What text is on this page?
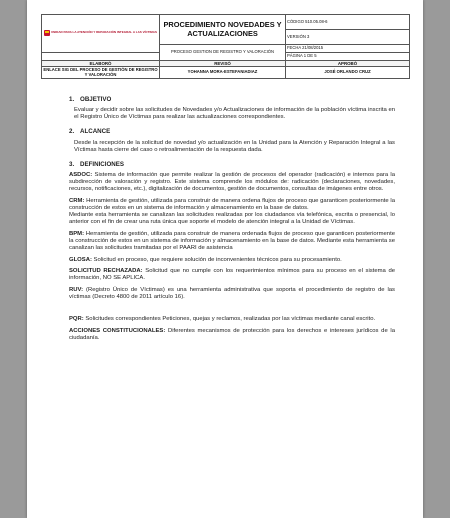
UNIDAD PARA LA ATENCIÓN Y REPARACIÓN INTEGRAL A LAS VÍCTIMAS	PROCEDIMIENTO NOVEDADES Y ACTUALIZACIONES	CÓDIGO 510.05.08-6
		VERSIÓN 3
	PROCESO GESTION DE REGISTRO Y VALORACIÓN	FECHA 21/08/2015
		PÁGINA 1 DE 5
ELABORÓ	REVISÓ	APROBÓ
ENLACE SIG DEL PROCESO DE GESTIÓN DE REGISTRO Y VALORACIÓN	YOHANNA MORA-ESTEFANIADIAZ	JOSÉ ORLANDO CRUZ
1. OBJETIVO

Evaluar y decidir sobre las solicitudes de Novedades y/o Actualizaciones de información de la población víctima inscrita en el Registro Único de Víctimas para realizar las actualizaciones correspondientes.

2. ALCANCE

Desde la recepción de la solicitud de novedad y/o actualización en la Unidad para la Atención y Reparación Integral a las Víctimas hasta cierre del caso o retroalimentación de la respuesta dada.

3. DEFINICIONES

ASDOC: Sistema de información que permite realizar la gestión de procesos del operador (radicación) e internos para la subdirección de valoración y registro. Este sistema comprende los módulos de: radicación (declaraciones, novedades, recursos, notificaciones, etc.), digitalización de documentos, gestión de documentos, consultas de imágenes entre otros.

CRM: Herramienta de gestión, utilizada para construir de manera ordena flujos de proceso que garanticen posteriormente la construcción de estos en un sistema de información y almacenamiento en la base de datos.

Mediante esta herramienta se canalizan las solicitudes realizadas por los ciudadanos vía telefónica, escrita o presencial, lo anterior con el fin de crear una ruta única que soporte el modelo de atención integral a la Unidad de Víctimas.

BPM: Herramienta de gestión, utilizada para construir de manera ordenada flujos de proceso que garanticen posteriormente la construcción de estos en un sistema de información y almacenamiento en la base de datos. Mediante esta herramienta se canalizan las solicitudes tramitadas por el PAARI de asistencia

GLOSA: Solicitud en proceso, que requiere solución de inconvenientes técnicos para su procesamiento.

SOLICITUD RECHAZADA: Solicitud que no cumple con los requerimientos mínimos para su proceso en el sistema de información, NO SE APLICA.

RUV: (Registro Único de Víctimas) es una herramienta administrativa que soporta el procedimiento de registro de las víctimas (Decreto 4800 de 2011 artículo 16).

PQR: Solicitudes correspondientes Peticiones, quejas y reclamos, realizadas por las víctimas mediante canal escrito.

ACCIONES CONSTITUCIONALES: Diferentes mecanismos de protección para los derechos e intereses jurídicos de la ciudadanía.
